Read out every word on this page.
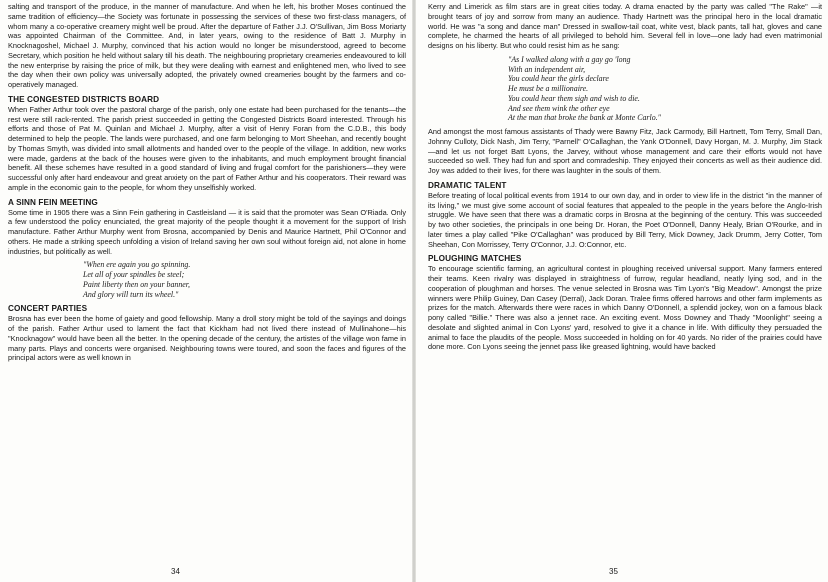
salting and transport of the produce, in the manner of manufacture. And when he left, his brother Moses continued the same tradition of efficiency—the Society was fortunate in possessing the services of these two first-class managers, of whom many a co-operative creamery might well be proud. After the departure of Father J.J. O'Sullivan, Jim Boss Moriarty was appointed Chairman of the Committee. And, in later years, owing to the residence of Batt J. Murphy in Knocknagoshel, Michael J. Murphy, convinced that his action would no longer be misunderstood, agreed to become Secretary, which position he held without salary till his death. The neighbouring proprietary creameries endeavoured to kill the new enterprise by raising the price of milk, but they were dealing with earnest and enlightened men, who lived to see the day when their own policy was universally adopted, the privately owned creameries bought by the farmers and co-operatively managed.

THE CONGESTED DISTRICTS BOARD

When Father Arthur took over the pastoral charge of the parish, only one estate had been purchased for the tenants—the rest were still rack-rented. The parish priest succeeded in getting the Congested Districts Board interested. Through his efforts and those of Pat M. Quinlan and Michael J. Murphy, after a visit of Henry Foran from the C.D.B., this body determined to help the people. The lands were purchased, and one farm belonging to Mort Sheehan, and recently bought by Thomas Smyth, was divided into small allotments and handed over to the people of the village. In addition, new works were made, gardens at the back of the houses were given to the inhabitants, and much employment brought financial benefit. All these schemes have resulted in a good standard of living and frugal comfort for the parishioners—they were successful only after hard endeavour and great anxiety on the part of Father Arthur and his cooperators. Their reward was ample in the economic gain to the people, for whom they unselfishly worked.

A SINN FEIN MEETING

Some time in 1905 there was a Sinn Fein gathering in Castleisland — it is said that the promoter was Sean O'Riada. Only a few understood the policy enunciated, the great majority of the people thought it a movement for the support of Irish manufacture. Father Arthur Murphy went from Brosna, accompanied by Denis and Maurice Hartnett, Phil O'Connor and others. He made a striking speech unfolding a vision of Ireland saving her own soul without foreign aid, not alone in home industries, but politically as well.

"When ere again you go spinning.
Let all of your spindles be steel;
Paint liberty then on your banner,
And glory will turn its wheel."
CONCERT PARTIES

Brosna has ever been the home of gaiety and good fellowship. Many a droll story might be told of the sayings and doings of the parish. Father Arthur used to lament the fact that Kickham had not lived there instead of Mullinahone—his "Knocknagow" would have been all the better. In the opening decade of the century, the artistes of the village won fame in many parts. Plays and concerts were organised. Neighbouring towns were toured, and soon the faces and figures of the principal actors were as well known in

34

Kerry and Limerick as film stars are in great cities today. A drama enacted by the party was called "The Rake" —it brought tears of joy and sorrow from many an audience. Thady Hartnett was the principal hero in the local dramatic world. He was "a song and dance man" Dressed in swallow-tail coat, white vest, black pants, tall hat, gloves and cane complete, he charmed the hearts of all privileged to behold him. Several fell in love—one lady had even matrimonial designs on his liberty. But who could resist him as he sang:

"As I walked along with a gay go 'long
With an independent air,
You could hear the girls declare
He must be a millionaire.
You could hear them sigh and wish to die.
And see them wink the other eye
At the man that broke the bank at Monte Carlo."

And amongst the most famous assistants of Thady were Bawny Fitz, Jack Carmody, Bill Hartnett, Tom Terry, Small Dan, Johnny Culloty, Dick Nash, Jim Terry, "Parnell" O'Callaghan, the Yank O'Donnell, Davy Horgan, M. J. Murphy, Jim Stack—and let us not forget Batt Lyons, the Jarvey, without whose management and care their efforts would not have succeeded so well. They had fun and sport and comradeship. They enjoyed their concerts as well as their audience did. Joy was added to their lives, for there was laughter in the souls of them.

DRAMATIC TALENT

Before treating of local political events from 1914 to our own day, and in order to view life in the district "in the manner of its living," we must give some account of social features that appealed to the people in the years before the Anglo-Irish struggle. We have seen that there was a dramatic corps in Brosna at the beginning of the century. This was succeeded by two other societies, the principals in one being Dr. Horan, the Poet O'Donnell, Danny Healy, Brian O'Rourke, and in later times a play called "Pike O'Callaghan" was produced by Bill Terry, Mick Downey, Jack Drumm, Jerry Cotter, Tom Sheehan, Con Morrissey, Terry O'Connor, J.J. O:Connor, etc.

PLOUGHING MATCHES

To encourage scientific farming, an agricultural contest in ploughing received universal support. Many farmers entered their teams. Keen rivalry was displayed in straightness of furrow, regular headland, neatly lying sod, and in the cooperation of ploughman and horses. The venue selected in Brosna was Tim Lyon's "Big Meadow". Amongst the prize winners were Philip Guiney, Dan Casey (Derral), Jack Doran. Tralee firms offered harrows and other farm implements as prizes for the match. Afterwards there were races in which Danny O'Donnell, a splendid jockey, won on a famous black pony called "Billie." There was also a jennet race. An exciting event. Moss Downey and Thady "Moonlight" seeing a desolate and slighted animal in Con Lyons' yard, resolved to give it a chance in life. With difficulty they persuaded the animal to face the plaudits of the people. Moss succeeded in holding on for 40 yards. No rider of the prairies could have done more. Con Lyons seeing the jennet pass like greased lightning, would have backed

35
